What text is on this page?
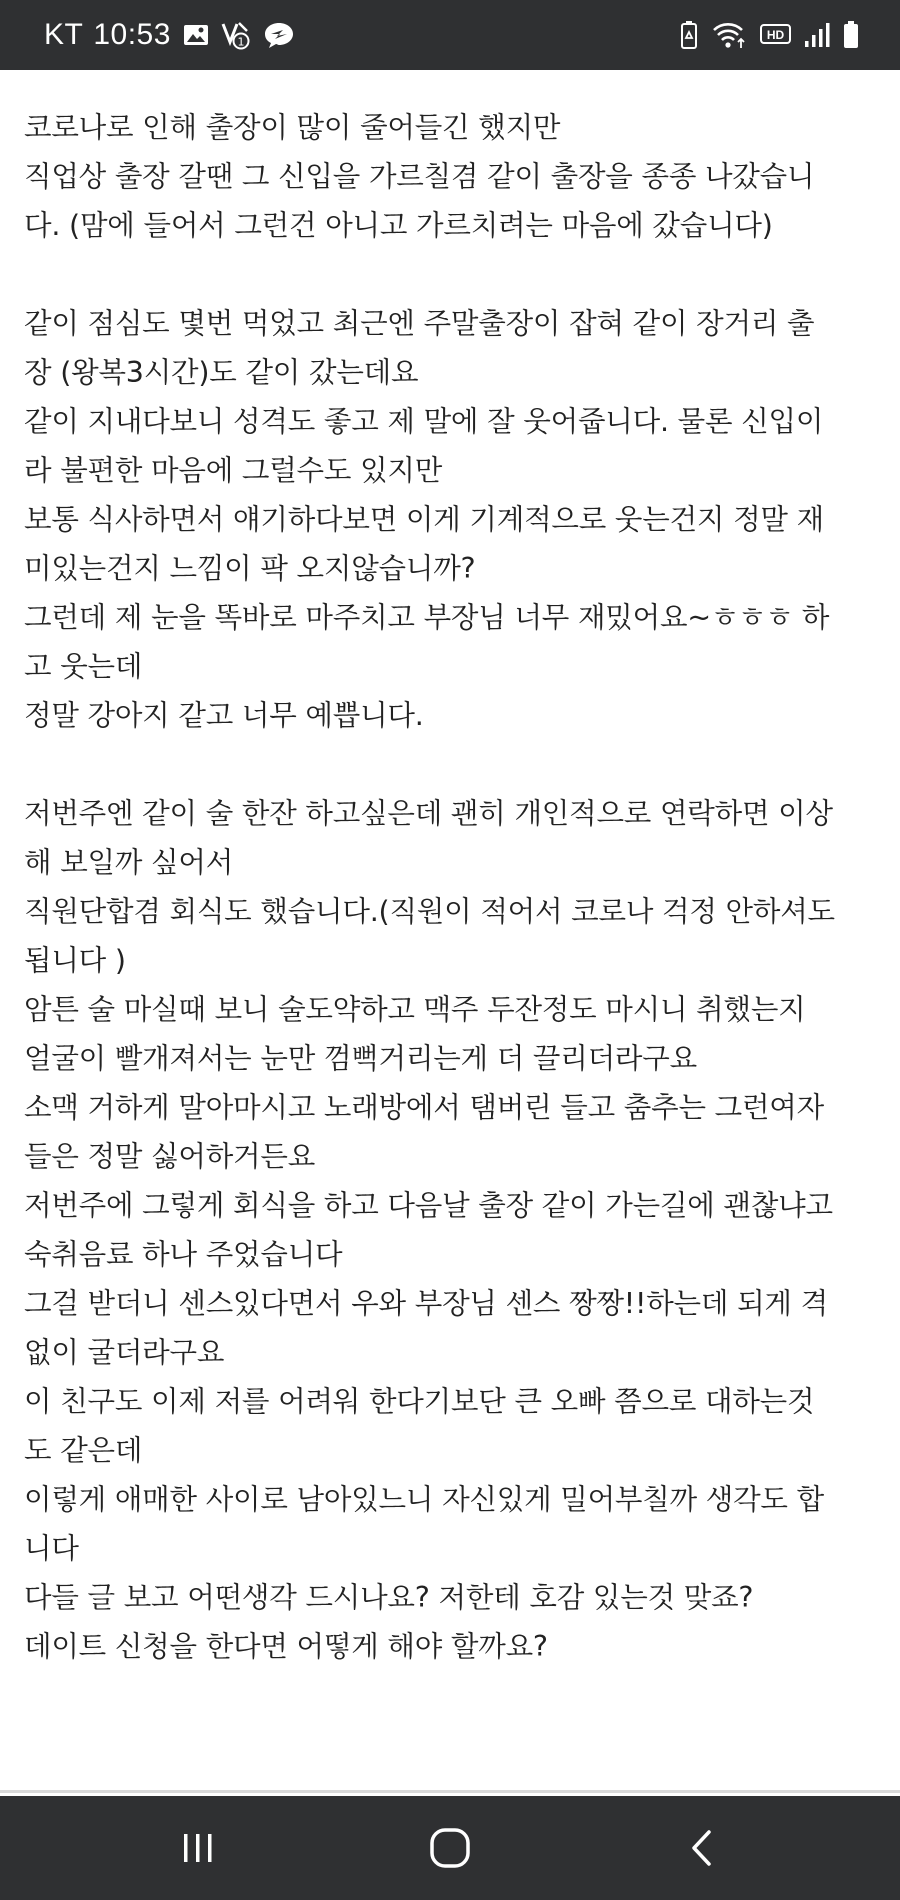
KT 10:53	1	HD
코로나로 인해 출장이 많이 줄어들긴 했지만
직업상 출장 갈땐 그 신입을 가르칠겸 같이 출장을 종종 나갔습니
다. (맘에 들어서 그런건 아니고 가르치려는 마음에 갔습니다)
같이 점심도 몇번 먹었고 최근엔 주말출장이 잡혀 같이 장거리 출
장 (왕복3시간)도 같이 갔는데요
같이 지내다보니 성격도 좋고 제 말에 잘 웃어줍니다. 물론 신입이
라 불편한 마음에 그럴수도 있지만
보통 식사하면서 얘기하다보면 이게 기계적으로 웃는건지 정말 재
미있는건지 느낌이 팍 오지않습니까?
그런데 제 눈을 똑바로 마주치고 부장님 너무 재밌어요~ㅎㅎㅎ 하
고 웃는데
정말 강아지 같고 너무 예쁩니다.
저번주엔 같이 술 한잔 하고싶은데 괜히 개인적으로 연락하면 이상
해 보일까 싶어서
직원단합겸 회식도 했습니다.(직원이 적어서 코로나 걱정 안하셔도
됩니다 )
암튼 술 마실때 보니 술도약하고 맥주 두잔정도 마시니 취했는지
얼굴이 빨개져서는 눈만 껌뻑거리는게 더 끌리더라구요
소맥 거하게 말아마시고 노래방에서 탬버린 들고 춤추는 그런여자
들은 정말 싫어하거든요
저번주에 그렇게 회식을 하고 다음날 출장 같이 가는길에 괜찮냐고
숙취음료 하나 주었습니다
그걸 받더니 센스있다면서 우와 부장님 센스 짱짱!!하는데 되게 격
없이 굴더라구요
이 친구도 이제 저를 어려워 한다기보단 큰 오빠 쯤으로 대하는것
도 같은데
이렇게 애매한 사이로 남아있느니 자신있게 밀어부칠까 생각도 합
니다
다들 글 보고 어떤생각 드시나요? 저한테 호감 있는것 맞죠?
데이트 신청을 한다면 어떻게 해야 할까요?
